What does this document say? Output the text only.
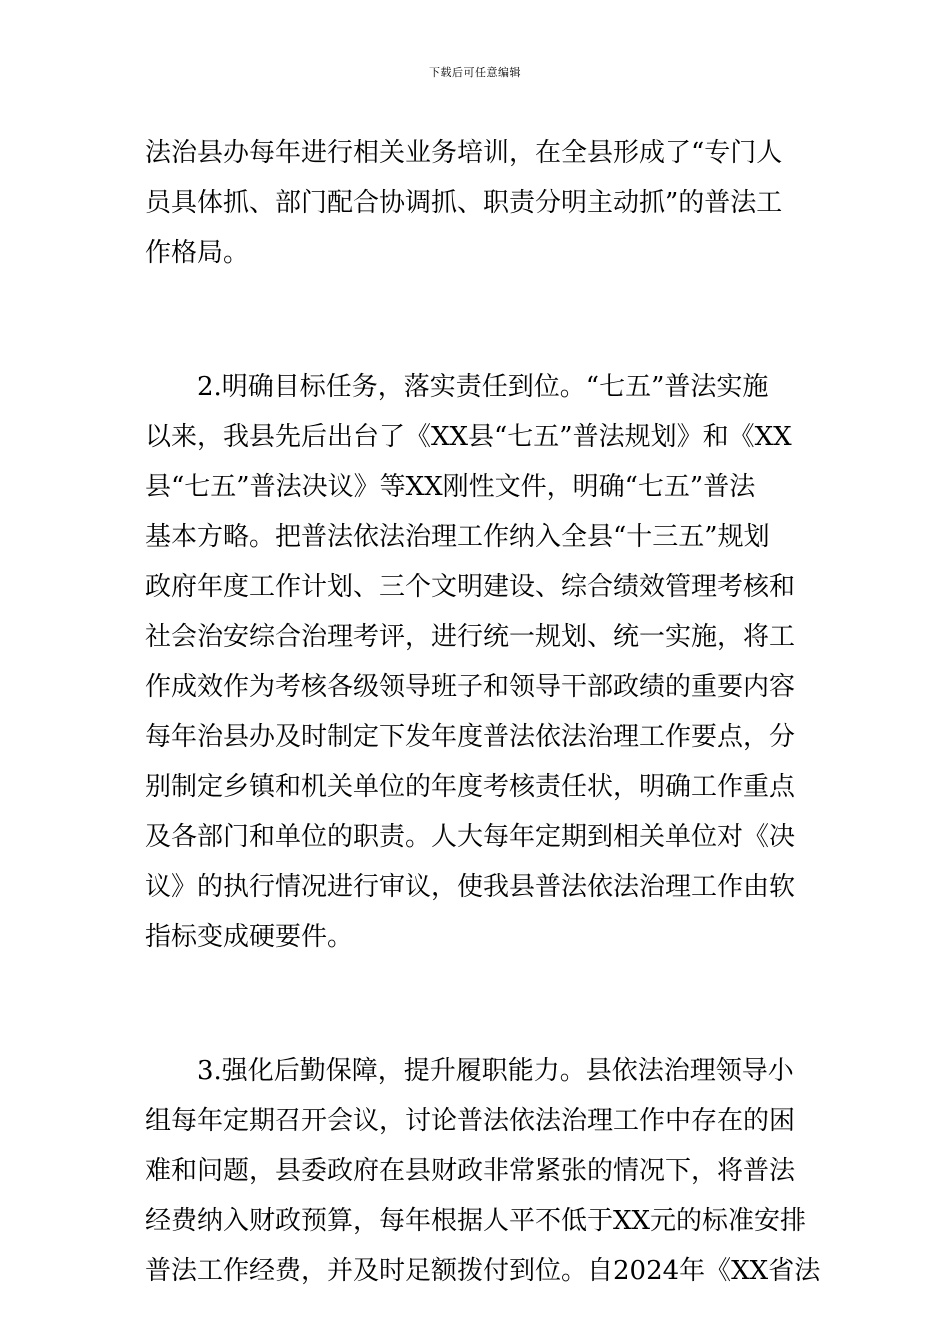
下载后可任意编辑

法治县办每年进行相关业务培训，在全县形成了“专门人
员具体抓、部门配合协调抓、职责分明主动抓”的普法工
作格局。

　　2.明确目标任务，落实责任到位。“七五”普法实施
以来，我县先后出台了《XX县“七五”普法规划》和《XX
县“七五”普法决议》等XX刚性文件，明确“七五”普法
基本方略。把普法依法治理工作纳入全县“十三五”规划
政府年度工作计划、三个文明建设、综合绩效管理考核和
社会治安综合治理考评，进行统一规划、统一实施，将工
作成效作为考核各级领导班子和领导干部政绩的重要内容
每年治县办及时制定下发年度普法依法治理工作要点，分
别制定乡镇和机关单位的年度考核责任状，明确工作重点
及各部门和单位的职责。人大每年定期到相关单位对《决
议》的执行情况进行审议，使我县普法依法治理工作由软
指标变成硬要件。

　　3.强化后勤保障，提升履职能力。县依法治理领导小
组每年定期召开会议，讨论普法依法治理工作中存在的困
难和问题，县委政府在县财政非常紧张的情况下，将普法
经费纳入财政预算，每年根据人平不低于XX元的标准安排
普法工作经费，并及时足额拨付到位。自2024年《XX省法
